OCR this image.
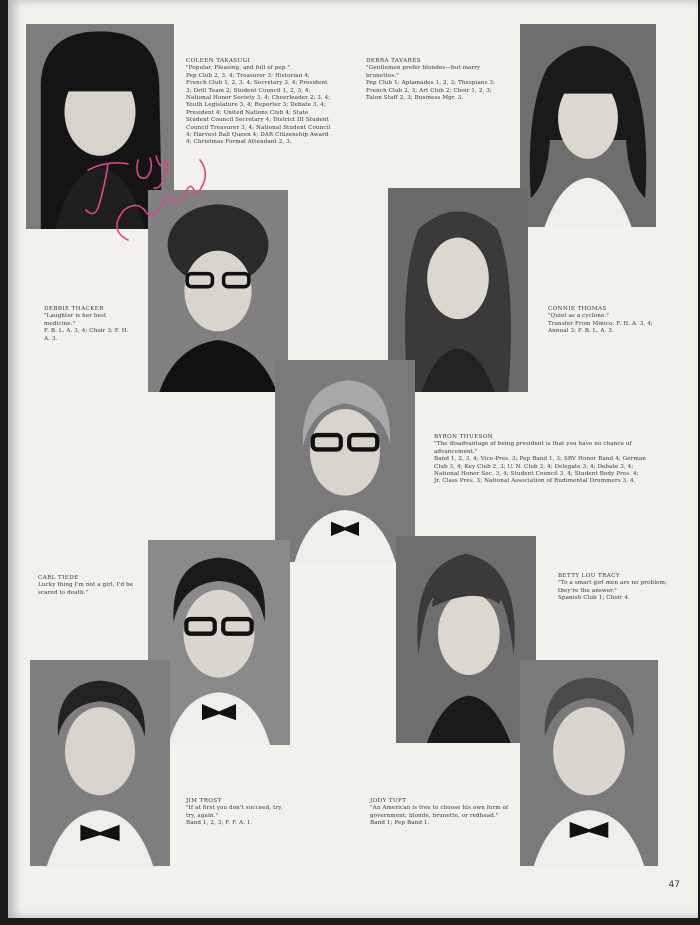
COLEEN TAKASUGI

"Popular, Pleasing, and full of pep."

Pep Club 2, 3, 4; Treasurer 3; Historian 4; French Club 1, 2, 3, 4; Secretary 3, 4; President 3; Drill Team 2; Student Council 1, 2, 3, 4; National Honor Society 3, 4; Cheerleader 2, 3, 4; Youth Legislature 3, 4; Reporter 3; Debate 3, 4; President 4; United Nations Club 4; State Student Council Secretary 4; District III Student Council Treasurer 3, 4; National Student Council 4; Harvest Ball Queen 4; DAR Citizenship Award 4; Christmas Formal Attendant 2, 3.

DEBRA TAVARES

"Gentlemen prefer blondes—but marry brunettes."

Pep Club 1; Aplamados 1, 2, 3; Thespians 3; French Club 2, 3; Art Club 2; Choir 1, 2, 3; Talon Staff 2, 3; Business Mgr. 3.

DEBBIE THACKER

"Laughter is her best medicine."

F. B. L. A. 3, 4; Choir 3; F. H. A. 3.

CONNIE THOMAS

"Quiet as a cyclone."

Transfer From Minico: F. H. A. 3, 4; Annual 3; F. B. L. A. 3.

BYRON THUESON

"The disadvantage of being president is that you have no chance of advancement."

Band 1, 2, 3, 4; Vice-Pres. 3; Pep Band 1, 3; SRV Honor Band 4; German Club 3, 4; Key Club 2, 3; U. N. Club 3, 4; Delegate 3, 4; Debate 3, 4; National Honor Soc. 3, 4; Student Council 3, 4; Student Body Pres. 4; Jr. Class Pres. 3; National Association of Rudimental Drummers 3, 4.

CARL TIEDE

Lucky thing I'm not a girl, I'd be scared to death."

BETTY LOU TRACY

"To a smart girl men are no problem; they're the answer."

Spanish Club 1; Choir 4.

JIM TROST

"If at first you don't succeed, try, try, again."

Band 1, 2, 3; F. F. A. 1.

JODY TUFT

"An American is free to choose his own form of government; blonde, brunette, or redhead."

Band 1; Pep Band 1.

47
